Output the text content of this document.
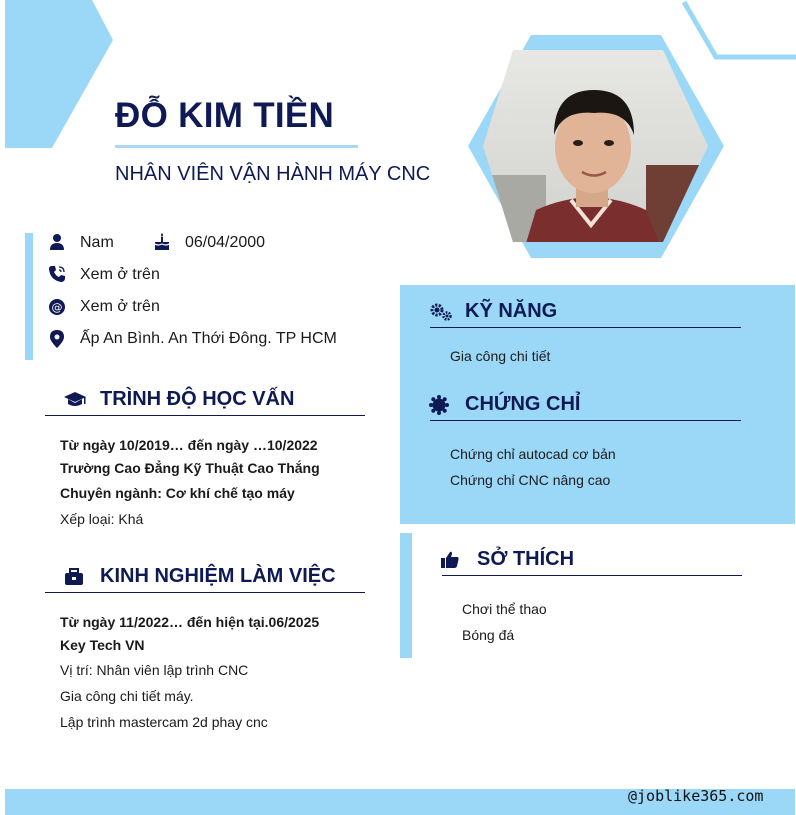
ĐỖ KIM TIỀN
NHÂN VIÊN VẬN HÀNH MÁY CNC
Nam	06/04/2000
Xem ở trên
@ Xem ở trên
Ấp An Bình. An Thới Đông. TP HCM
TRÌNH ĐỘ HỌC VẤN
Từ ngày 10/2019… đến ngày …10/2022
Trường Cao Đẳng Kỹ Thuật Cao Thắng
Chuyên ngành: Cơ khí chế tạo máy
Xếp loại: Khá
KINH NGHIỆM LÀM VIỆC
Từ ngày 11/2022… đến hiện tại.06/2025
Key Tech VN
Vị trí: Nhân viên lập trình CNC
Gia công chi tiết máy.
Lập trình mastercam 2d phay cnc
KỸ NĂNG
Gia công chi tiết
CHỨNG CHỈ
Chứng chỉ autocad cơ bản
Chứng chỉ CNC nâng cao
SỞ THÍCH
Chơi thể thao
Bóng đá
@joblike365.com
